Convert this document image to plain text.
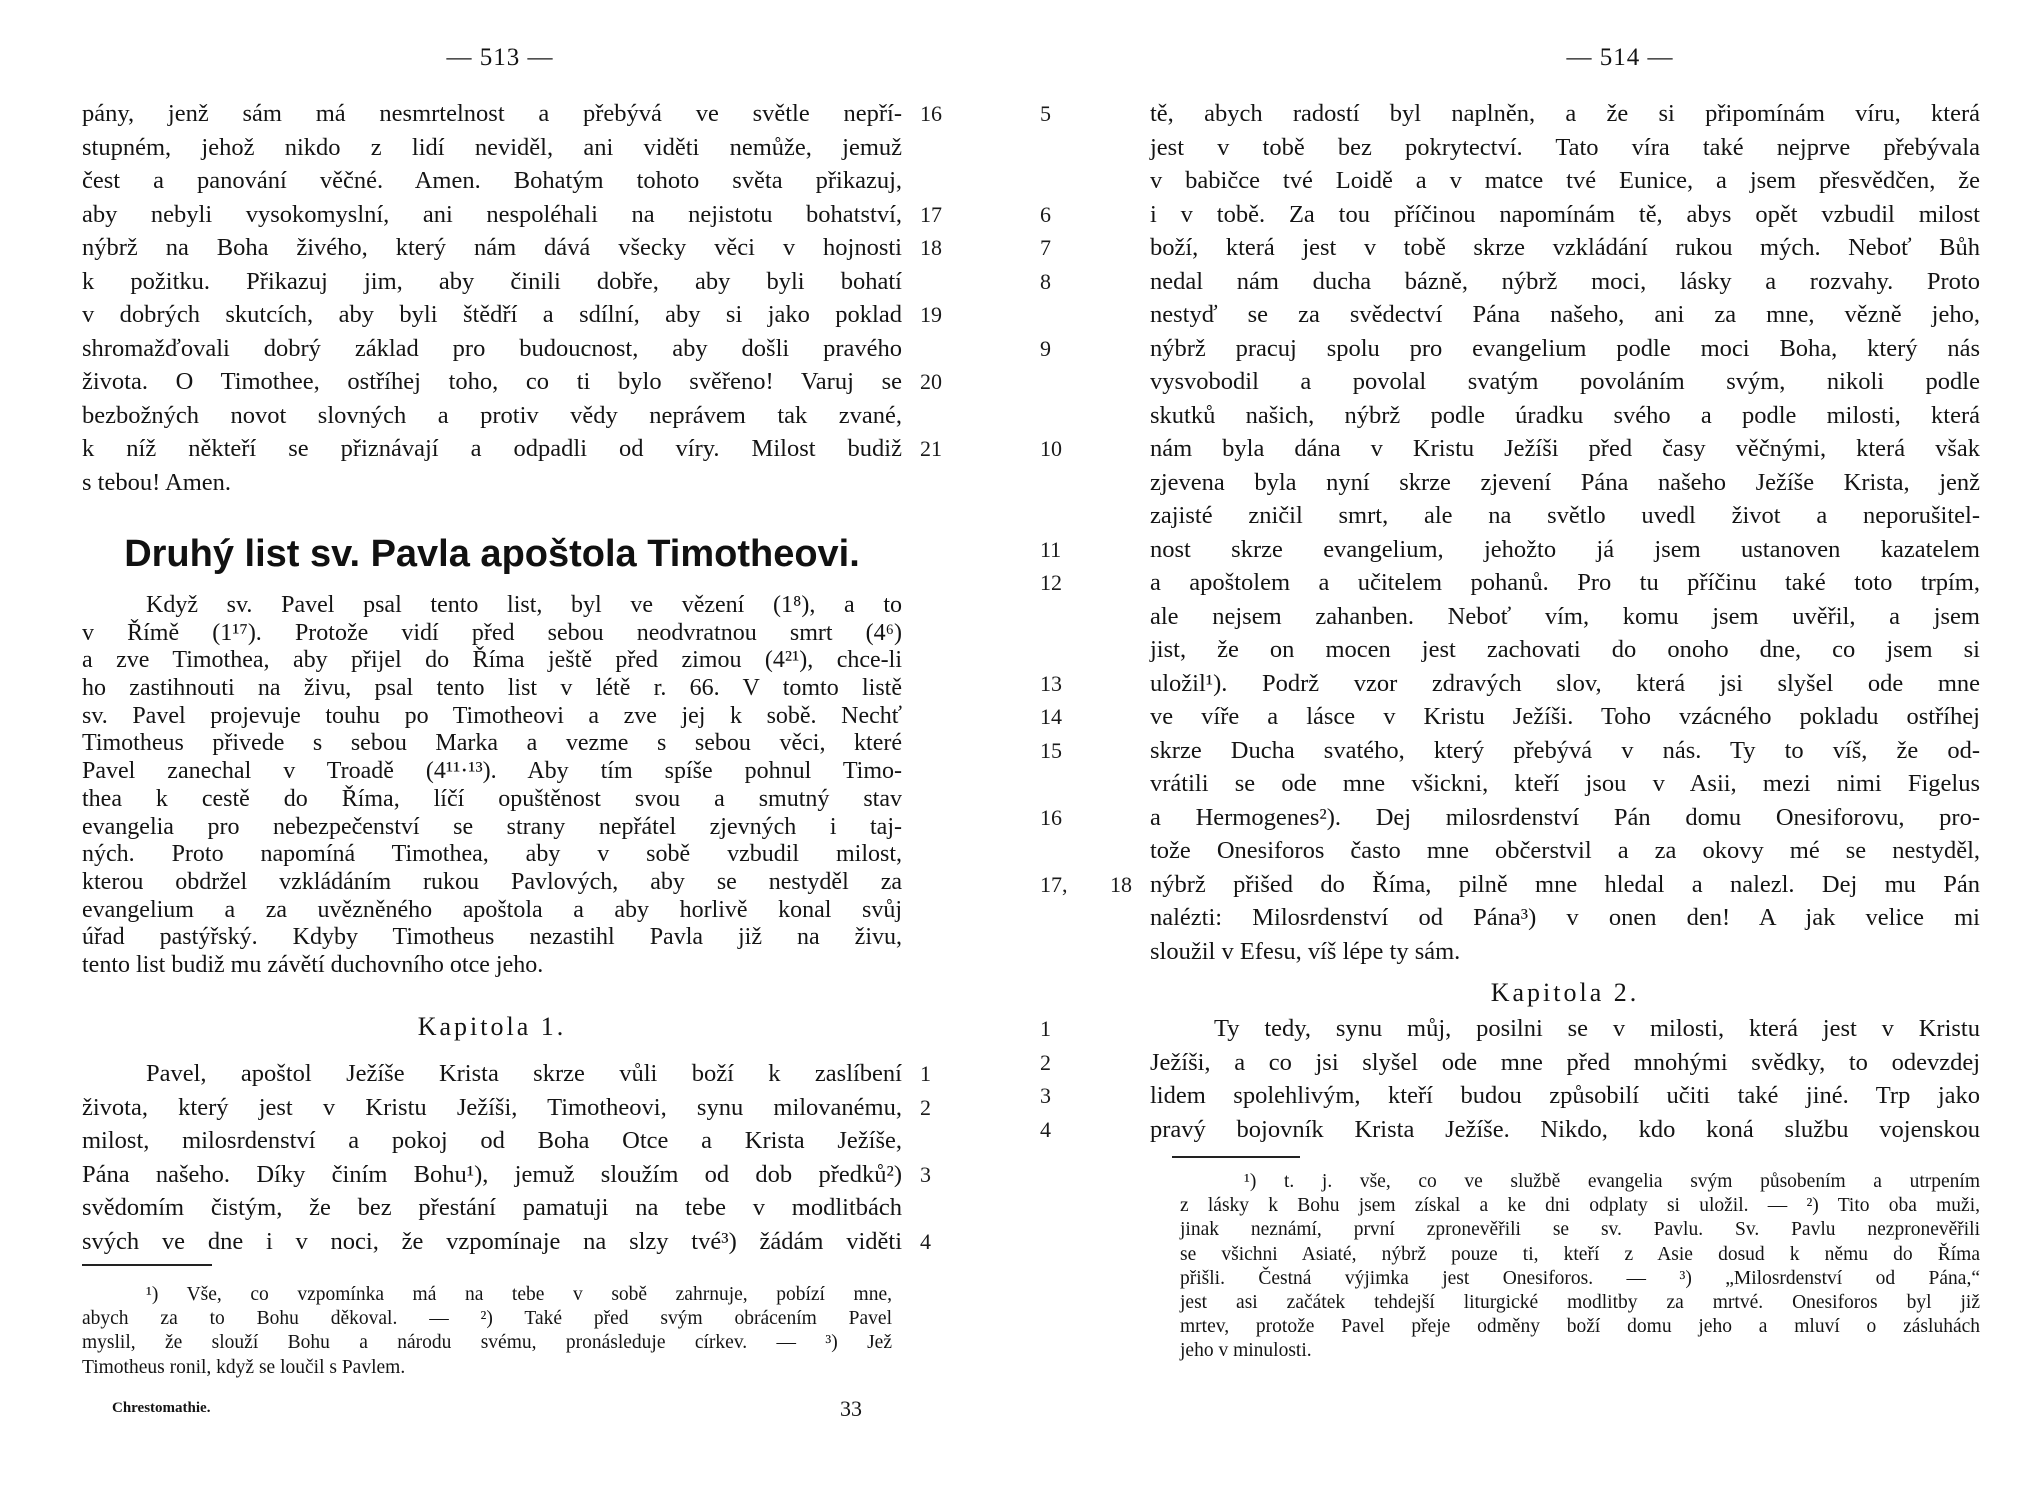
— 513 —
pány, jenž sám má nesmrtelnost a přebývá ve světle nepří- 16
stupném, jehož nikdo z lidí neviděl, ani viděti nemůže, jemuž
čest a panování věčné. Amen. Bohatým tohoto světa přikazuj,
aby nebyli vysokomyslní, ani nespoléhali na nejistotu bohatství, 17
nýbrž na Boha živého, který nám dává všecky věci v hojnosti 18
k požitku. Přikazuj jim, aby činili dobře, aby byli bohatí
v dobrých skutcích, aby byli štědří a sdílní, aby si jako poklad 19
shromažďovali dobrý základ pro budoucnost, aby došli pravého
života. O Timothee, ostříhej toho, co ti bylo svěřeno! Varuj se 20
bezbožných novot slovných a protiv vědy neprávem tak zvané,
k níž někteří se přiznávají a odpadli od víry. Milost budiž 21
s tebou! Amen.
Druhý list sv. Pavla apoštola Timotheovi.
Když sv. Pavel psal tento list, byl ve vězení (1⁸), a to
v Římě (1¹⁷). Protože vidí před sebou neodvratnou smrt (4⁶)
a zve Timothea, aby přijel do Říma ještě před zimou (4²¹), chce-li
ho zastihnouti na živu, psal tento list v létě r. 66. V tomto listě
sv. Pavel projevuje touhu po Timotheovi a zve jej k sobě. Nechť
Timotheus přivede s sebou Marka a vezme s sebou věci, které
Pavel zanechal v Troadě (4¹¹·¹³). Aby tím spíše pohnul Timo-
thea k cestě do Říma, líčí opuštěnost svou a smutný stav
evangelia pro nebezpečenství se strany nepřátel zjevných i taj-
ných. Proto napomíná Timothea, aby v sobě vzbudil milost,
kterou obdržel vzkládáním rukou Pavlových, aby se nestyděl za
evangelium a za uvězněného apoštola a aby horlivě konal svůj
úřad pastýřský. Kdyby Timotheus nezastihl Pavla již na živu,
tento list budiž mu závětí duchovního otce jeho.
Kapitola 1.
Pavel, apoštol Ježíše Krista skrze vůli boží k zaslíbení 1
života, který jest v Kristu Ježíši, Timotheovi, synu milovanému, 2
milost, milosrdenství a pokoj od Boha Otce a Krista Ježíše,
Pána našeho. Díky činím Bohu¹), jemuž sloužím od dob předků²) 3
svědomím čistým, že bez přestání pamatuji na tebe v modlitbách
svých ve dne i v noci, že vzpomínaje na slzy tvé³) žádám viděti 4
¹) Vše, co vzpomínka má na tebe v sobě zahrnuje, pobízí mne,
abych za to Bohu děkoval. — ²) Také před svým obrácením Pavel
myslil, že slouží Bohu a národu svému, pronásleduje církev. — ³) Jež
Timotheus ronil, když se loučil s Pavlem.
Chrestomathie.	33
— 514 —
tě, abych radostí byl naplněn, a že si připomínám víru, která
5
jest v tobě bez pokrytectví. Tato víra také nejprve přebývala
v babičce tvé Loidě a v matce tvé Eunice, a jsem přesvědčen, že
i v tobě. Za tou příčinou napomínám tě, abys opět vzbudil milost
6
boží, která jest v tobě skrze vzkládání rukou mých. Neboť Bůh
7
nedal nám ducha bázně, nýbrž moci, lásky a rozvahy. Proto
8
nestyď se za svědectví Pána našeho, ani za mne, vězně jeho,
nýbrž pracuj spolu pro evangelium podle moci Boha, který nás
9
vysvobodil a povolal svatým povoláním svým, nikoli podle
skutků našich, nýbrž podle úradku svého a podle milosti, která
nám byla dána v Kristu Ježíši před časy věčnými, která však
10
zjevena byla nyní skrze zjevení Pána našeho Ježíše Krista, jenž
zajisté zničil smrt, ale na světlo uvedl život a neporušitel-
nost skrze evangelium, jehožto já jsem ustanoven kazatelem
11
a apoštolem a učitelem pohanů. Pro tu příčinu také toto trpím,
12
ale nejsem zahanben. Neboť vím, komu jsem uvěřil, a jsem
jist, že on mocen jest zachovati do onoho dne, co jsem si
uložil¹). Podrž vzor zdravých slov, která jsi slyšel ode mne
13
ve víře a lásce v Kristu Ježíši. Toho vzácného pokladu ostříhej
14
skrze Ducha svatého, který přebývá v nás. Ty to víš, že od-
15
vrátili se ode mne všickni, kteří jsou v Asii, mezi nimi Figelus
a Hermogenes²). Dej milosrdenství Pán domu Onesiforovu, pro-
16
tože Onesiforos často mne občerstvil a za okovy mé se nestyděl,
nýbrž přišed do Říma, pilně mne hledal a nalezl. Dej mu Pán
17, 18
nalézti: Milosrdenství od Pána³) v onen den! A jak velice mi
sloužil v Efesu, víš lépe ty sám.
Kapitola 2.
Ty tedy, synu můj, posilni se v milosti, která jest v Kristu
1
Ježíši, a co jsi slyšel ode mne před mnohými svědky, to odevzdej
2
lidem spolehlivým, kteří budou způsobilí učiti také jiné. Trp jako
3
pravý bojovník Krista Ježíše. Nikdo, kdo koná službu vojenskou
4
¹) t. j. vše, co ve službě evangelia svým působením a utrpením
z lásky k Bohu jsem získal a ke dni odplaty si uložil. — ²) Tito oba muži,
jinak neznámí, první zpronevěřili se sv. Pavlu. Sv. Pavlu nezpronevěřili
se všichni Asiaté, nýbrž pouze ti, kteří z Asie dosud k němu do Říma
přišli. Čestná výjimka jest Onesiforos. — ³) „Milosrdenství od Pána,“
jest asi začátek tehdejší liturgické modlitby za mrtvé. Onesiforos byl již
mrtev, protože Pavel přeje odměny boží domu jeho a mluví o zásluhách
jeho v minulosti.
